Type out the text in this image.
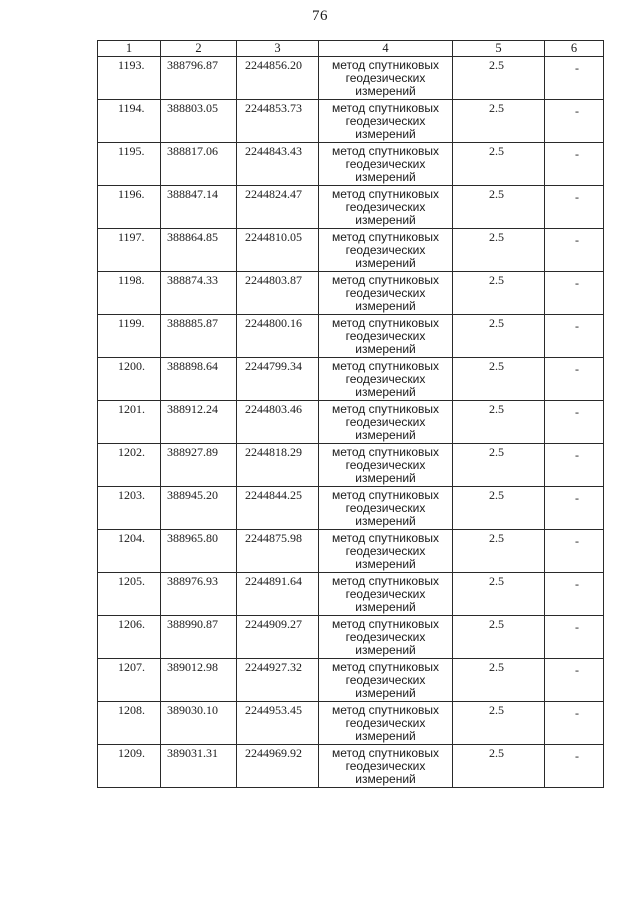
76
1	2	3	4	5	6
1193.	388796.87	2244856.20	метод спутниковых геодезических измерений	2.5	-
1194.	388803.05	2244853.73	метод спутниковых геодезических измерений	2.5	-
1195.	388817.06	2244843.43	метод спутниковых геодезических измерений	2.5	-
1196.	388847.14	2244824.47	метод спутниковых геодезических измерений	2.5	-
1197.	388864.85	2244810.05	метод спутниковых геодезических измерений	2.5	-
1198.	388874.33	2244803.87	метод спутниковых геодезических измерений	2.5	-
1199.	388885.87	2244800.16	метод спутниковых геодезических измерений	2.5	-
1200.	388898.64	2244799.34	метод спутниковых геодезических измерений	2.5	-
1201.	388912.24	2244803.46	метод спутниковых геодезических измерений	2.5	-
1202.	388927.89	2244818.29	метод спутниковых геодезических измерений	2.5	-
1203.	388945.20	2244844.25	метод спутниковых геодезических измерений	2.5	-
1204.	388965.80	2244875.98	метод спутниковых геодезических измерений	2.5	-
1205.	388976.93	2244891.64	метод спутниковых геодезических измерений	2.5	-
1206.	388990.87	2244909.27	метод спутниковых геодезических измерений	2.5	-
1207.	389012.98	2244927.32	метод спутниковых геодезических измерений	2.5	-
1208.	389030.10	2244953.45	метод спутниковых геодезических измерений	2.5	-
1209.	389031.31	2244969.92	метод спутниковых геодезических измерений	2.5	-
